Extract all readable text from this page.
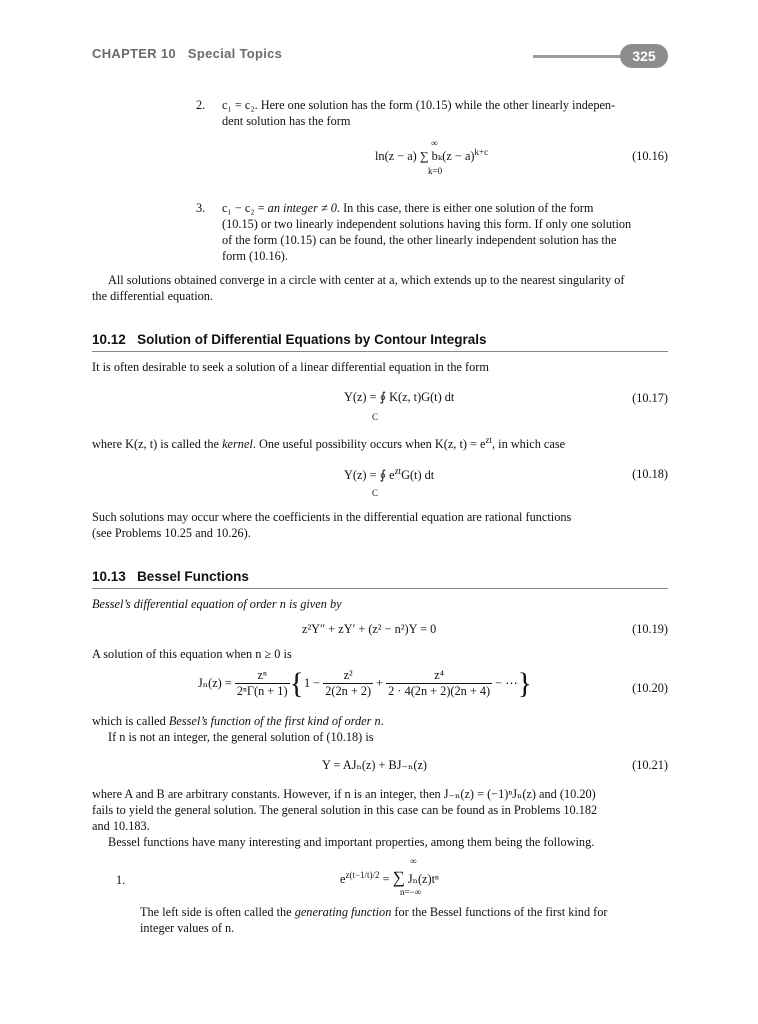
CHAPTER 10 Special Topics	325
2. c₁ = c₂. Here one solution has the form (10.15) while the other linearly indepen-
dent solution has the form
∞
ln(z − a) ∑ $b_k(z - a)^{k+c}$
k=0
(10.16)
3. c₁ − c₂ = an integer ≠ 0. In this case, there is either one solution of the form
(10.15) or two linearly independent solutions having this form. If only one solution
of the form (10.15) can be found, the other linearly independent solution has the
form (10.16).
All solutions obtained converge in a circle with center at a, which extends up to the nearest singularity of
the differential equation.
10.12 Solution of Differential Equations by Contour Integrals
It is often desirable to seek a solution of a linear differential equation in the form
Y(z) = ∮ K(z, t)G(t) dt
C
(10.17)
where K(z, t) is called the kernel. One useful possibility occurs when K(z, $t) = e^{zt}$, in which case
Y(z) = ∮ $e^{zt}G(t)$ dt
C
(10.18)
Such solutions may occur where the coefficients in the differential equation are rational functions
(see Problems 10.25 and 10.26).
10.13 Bessel Functions
Bessel’s differential equation of order n is given by
z²Y″ + zY′ + (z² − n²)Y = 0	(10.19)
A solution of this equation when n ≥ 0 is
Jₙ(z) =
$\frac{\text{zⁿ}}{\text{2ⁿΓ(n + 1)}}$ { 1 −
$\frac{\text{z²}}{2(2n + 2)}$
+
$\frac{\text{z⁴}}{2 \cdot 4(2n + 2)(2n + 4)}$
− ⋯ }	(10.20)
which is called Bessel’s function of the first kind of order n.
If n is not an integer, the general solution of (10.18) is
Y = AJₙ(z) + BJ₋ₙ(z)	(10.21)
where A and B are arbitrary constants. However, if n is an integer, then J₋ₙ(z) = (−1)ⁿJₙ(z) and (10.20)
fails to yield the general solution. The general solution in this case can be found as in Problems 10.182
and 10.183.
Bessel functions have many interesting and important properties, among them being the following.
1.
∞
$e^{z(t-1/t)/2}$ = ∑ Jₙ(z)tⁿ
n=−∞
The left side is often called the generating function for the Bessel functions of the first kind for
integer values of n.
